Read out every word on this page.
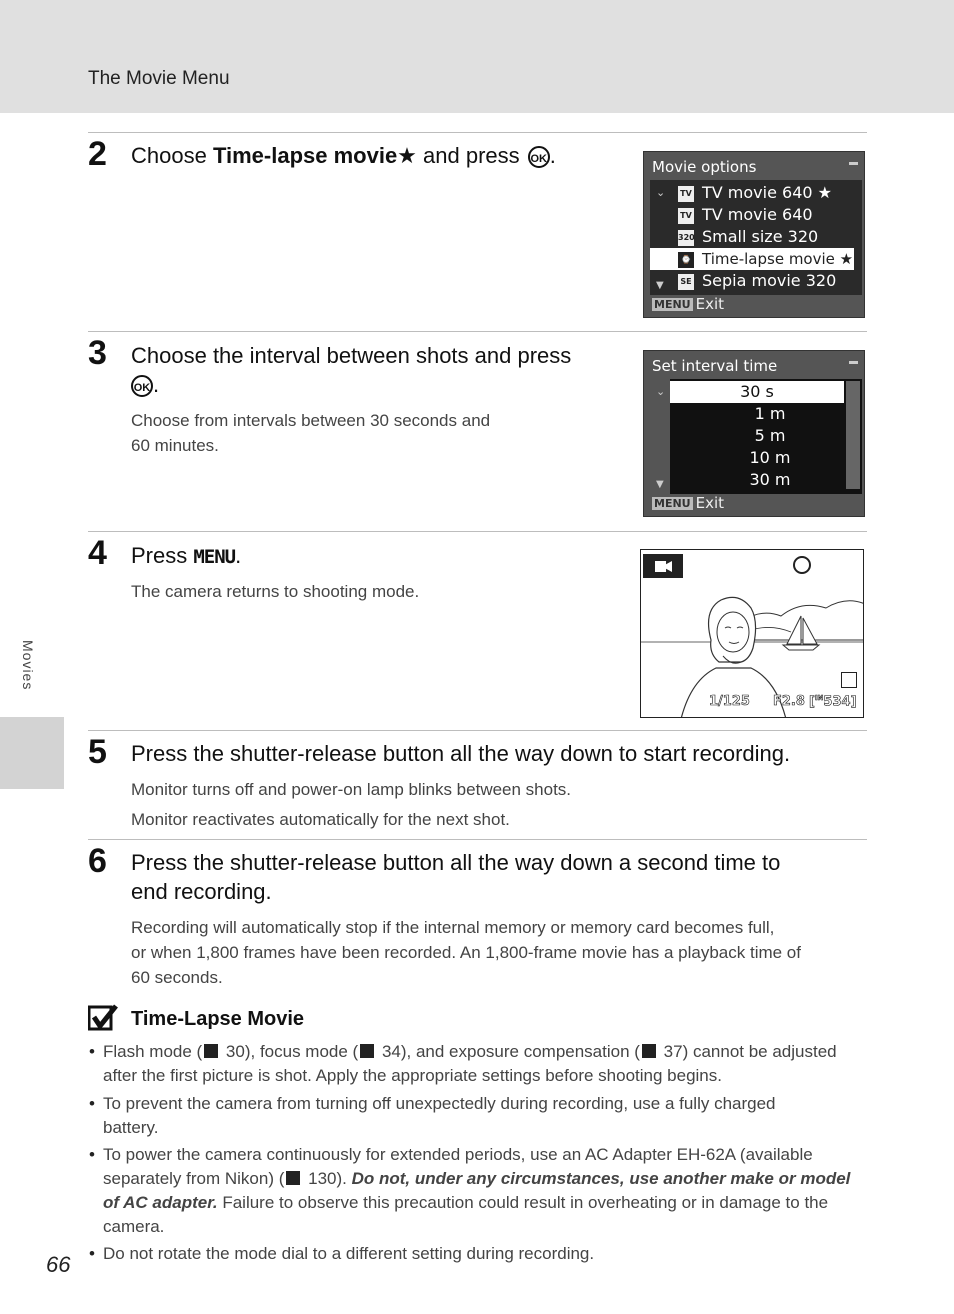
The Movie Menu
2 Choose Time-lapse movie★ and press OK .	Movie options
⌄	TV TV movie 640 ★
TV TV movie 640
320 Small size 320
⌚ Time-lapse movie ★
SE Sepia movie 320
▼
MENU Exit
3 Choose the interval between shots and press
OK .
Choose from intervals between 30 seconds and
60 minutes.
Set interval time
⌄	30 s
1 m
5 m
10 m
30 m
▼
MENU Exit
4 Press MENU.
The camera returns to shooting mode.
1/125 F2.8 [$^{IN}$534]
5 Press the shutter-release button all the way down to start recording.
Monitor turns off and power-on lamp blinks between shots.
Monitor reactivates automatically for the next shot.
6 Press the shutter-release button all the way down a second time to
end recording.
Recording will automatically stop if the internal memory or memory card becomes full,
or when 1,800 frames have been recorded. An 1,800-frame movie has a playback time of
60 seconds.
Time-Lapse Movie
• Flash mode ( 30), focus mode ( 34), and exposure compensation ( 37) cannot be adjusted
after the first picture is shot. Apply the appropriate settings before shooting begins.
• To prevent the camera from turning off unexpectedly during recording, use a fully charged
battery.
• To power the camera continuously for extended periods, use an AC Adapter EH-62A (available
separately from Nikon) ( 130). Do not, under any circumstances, use another make or model
of AC adapter. Failure to observe this precaution could result in overheating or in damage to the
camera.
• Do not rotate the mode dial to a different setting during recording.
Movies
66
